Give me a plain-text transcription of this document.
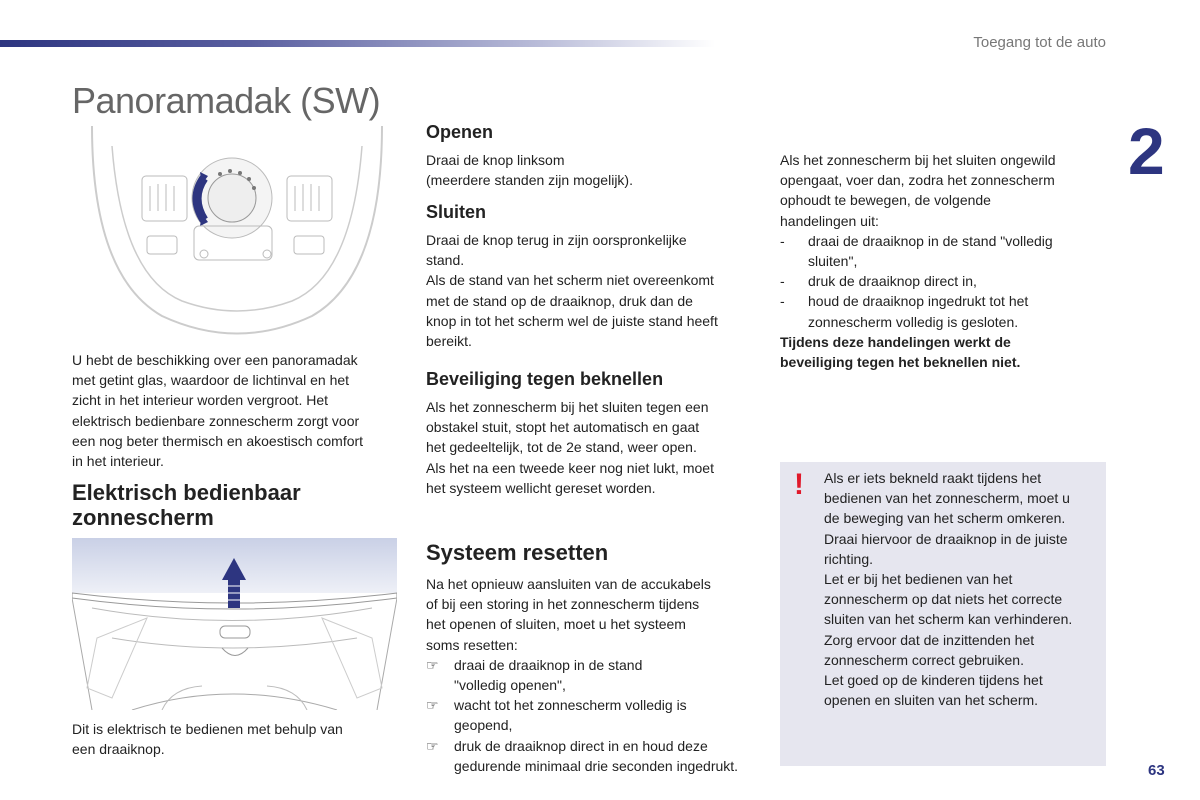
Toegang tot de auto
2
Panoramadak (SW)

U hebt de beschikking over een panoramadak

met getint glas, waardoor de lichtinval en het

zicht in het interieur worden vergroot. Het

elektrisch bedienbare zonnescherm zorgt voor

een nog beter thermisch en akoestisch comfort

in het interieur.

Elektrisch bedienbaar
zonnescherm

Dit is elektrisch te bedienen met behulp van

een draaiknop.

Openen

Draai de knop linksom

(meerdere standen zijn mogelijk).

Sluiten

Draai de knop terug in zijn oorspronkelijke

stand.

Als de stand van het scherm niet overeenkomt

met de stand op de draaiknop, druk dan de

knop in tot het scherm wel de juiste stand heeft

bereikt.

Beveiliging tegen beknellen

Als het zonnescherm bij het sluiten tegen een

obstakel stuit, stopt het automatisch en gaat

het gedeeltelijk, tot de 2e stand, weer open.

Als het na een tweede keer nog niet lukt, moet

het systeem wellicht gereset worden.

Systeem resetten

Na het opnieuw aansluiten van de accukabels

of bij een storing in het zonnescherm tijdens

het openen of sluiten, moet u het systeem

soms resetten:

☞ draai de draaiknop in de stand

"volledig openen",

☞ wacht tot het zonnescherm volledig is

geopend,

☞ druk de draaiknop direct in en houd deze

gedurende minimaal drie seconden ingedrukt.

Als het zonnescherm bij het sluiten ongewild

opengaat, voer dan, zodra het zonnescherm

ophoudt te bewegen, de volgende

handelingen uit:

- draai de draaiknop in de stand "volledig

sluiten",

- druk de draaiknop direct in,

- houd de draaiknop ingedrukt tot het

zonnescherm volledig is gesloten.

Tijdens deze handelingen werkt de

beveiliging tegen het beknellen niet.

! Als er iets bekneld raakt tijdens het

bedienen van het zonnescherm, moet u

de beweging van het scherm omkeren.

Draai hiervoor de draaiknop in de juiste

richting.

Let er bij het bedienen van het

zonnescherm op dat niets het correcte

sluiten van het scherm kan verhinderen.

Zorg ervoor dat de inzittenden het

zonnescherm correct gebruiken.

Let goed op de kinderen tijdens het

openen en sluiten van het scherm.

63
